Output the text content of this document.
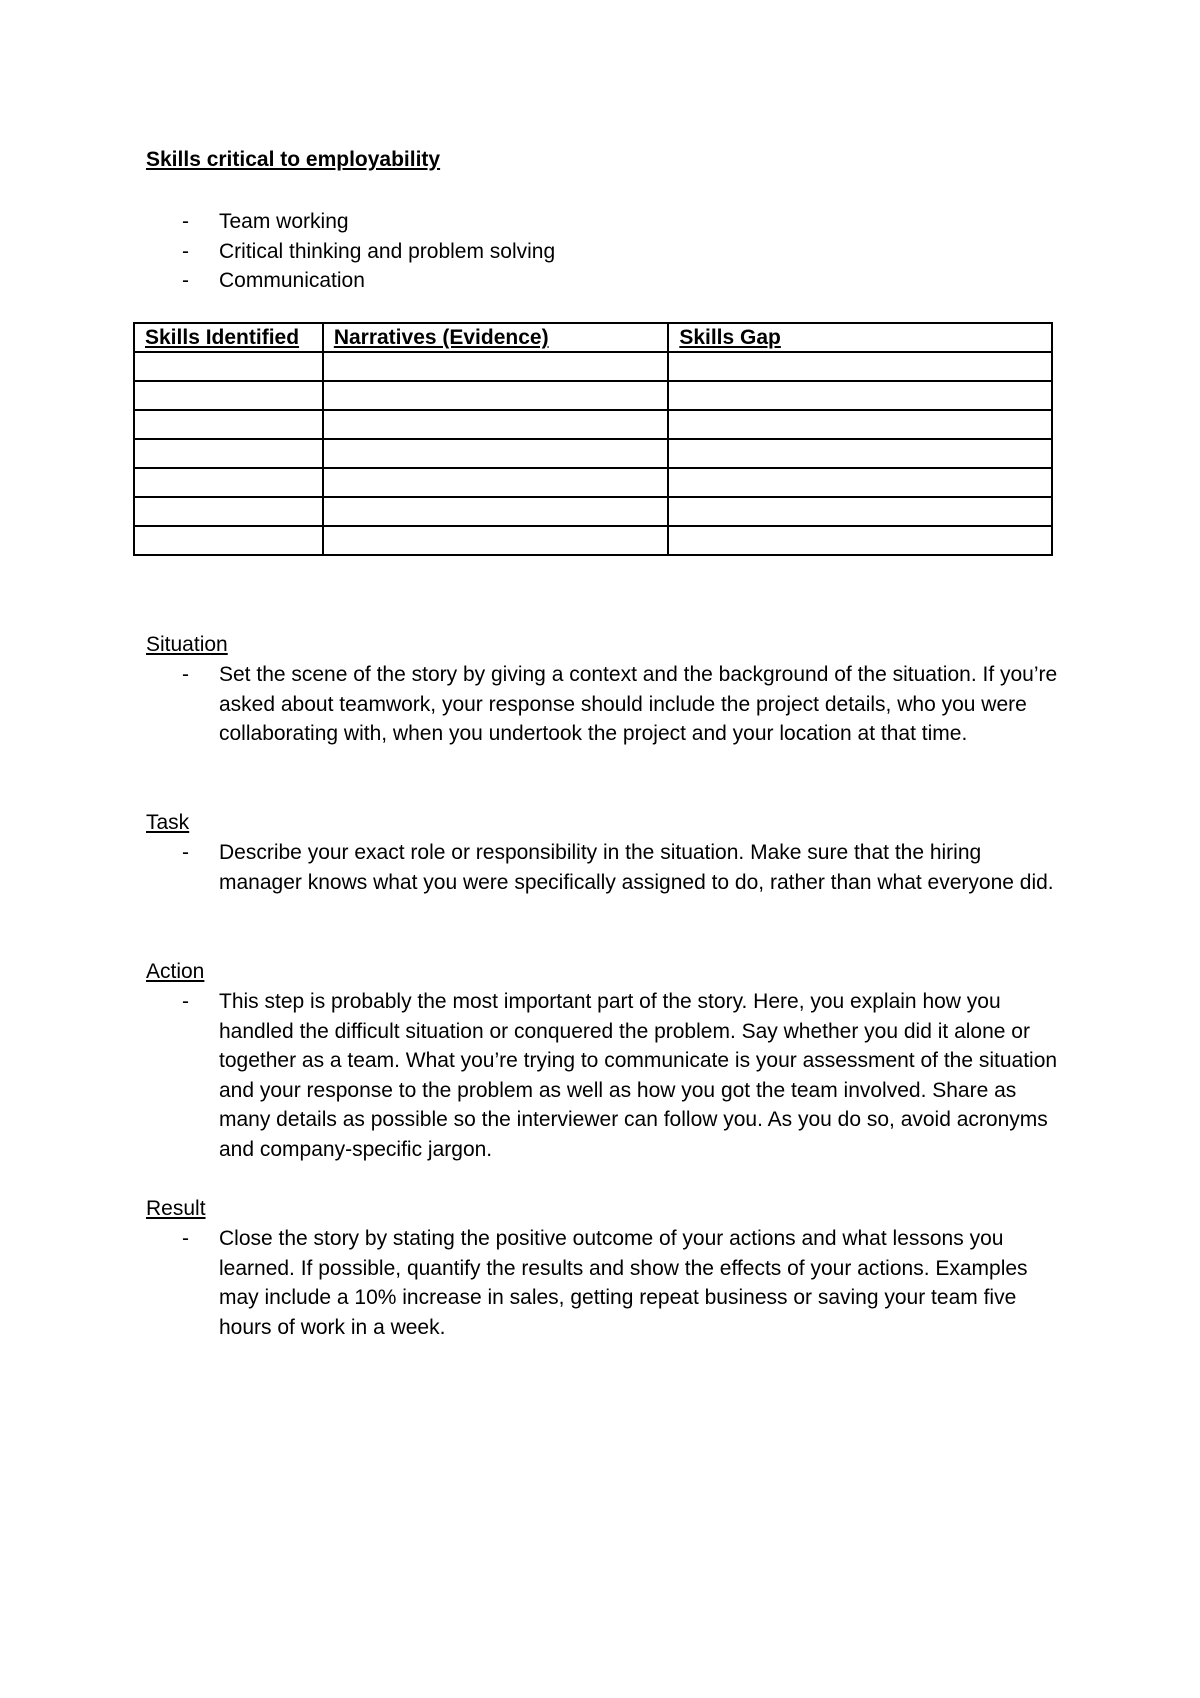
Skills critical to employability
- Team working
- Critical thinking and problem solving
- Communication
Skills Identified	Narratives (Evidence)	Skills Gap

Situation
- Set the scene of the story by giving a context and the background of the situation. If you’re asked about teamwork, your response should include the project details, who you were collaborating with, when you undertook the project and your location at that time.
Task
- Describe your exact role or responsibility in the situation. Make sure that the hiring manager knows what you were specifically assigned to do, rather than what everyone did.
Action
- This step is probably the most important part of the story. Here, you explain how you handled the difficult situation or conquered the problem. Say whether you did it alone or together as a team. What you’re trying to communicate is your assessment of the situation and your response to the problem as well as how you got the team involved. Share as many details as possible so the interviewer can follow you. As you do so, avoid acronyms and company-specific jargon.
Result
- Close the story by stating the positive outcome of your actions and what lessons you learned. If possible, quantify the results and show the effects of your actions. Examples may include a 10% increase in sales, getting repeat business or saving your team five hours of work in a week.
